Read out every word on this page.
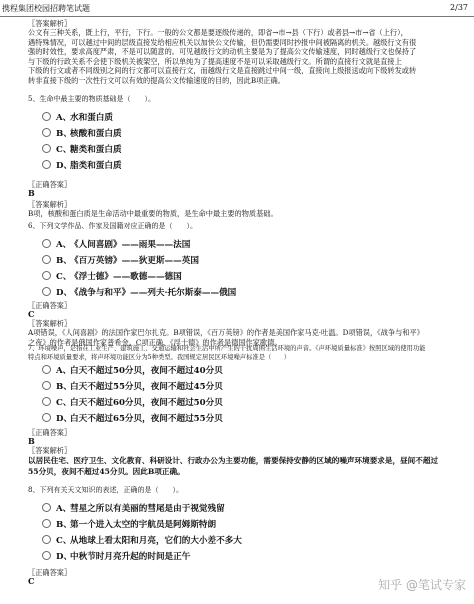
携程集团校园招聘笔试题	2/37
〖答案解析〗
公文有三种关系，既上行，平行，下行。一般的公文都是要逐级传递的，即省→市→县（下行）或者县→市→省（上行），
遇特殊情况，可以越过中间的层级直接发给相应机关以加快公文传输，但仍需要同时抄报中间被隔离的机关。越级行文有很
强的时效性，要求高度严肃，不是可以随意的。可见越级行文的动机主要是为了提高公文传输速度，同时越级行文也保持了
与下级的行政关系不会使下级机关被架空，所以单纯为了提高速度不是可以采取越级行文。所谓的直接行文就是直接上
下级的行文或者不同级别之间的行文都可以直接行文，而越级行文是直接跳过中间一级，直接向上级报送或向下级转发或转
转非直接下级的一次性行文可以有效的提高公文传输速度的目的，因此B项正确。
5、生命中最主要的物质基础是（　　）。
A、
水和蛋白质
B、
核酸和蛋白质
C、
糖类和蛋白质
D、
脂类和蛋白质
〖正确答案〗
B
〖答案解析〗
B项，核酸和蛋白质是生命活动中最重要的物质，是生命中最主要的物质基础。
6、下列文学作品、作家及国籍对应正确的是（　　）。
A、
《人间喜剧》——雨果——法国
B、
《百万英镑》——狄更斯——英国
C、
《浮士德》——歌德——德国
D、
《战争与和平》——列夫·托尔斯泰——俄国
〖正确答案〗
C
〖答案解析〗
A项错误，《人间喜剧》的法国作家巴尔扎克。B项错误，《百万英镑》的作者是美国作家马克·吐温。D项错误，《战争与和平》
之夜》的作者是俄国作家普希金。C项正确，《浮士德》的作者是德国作家歌德。
7、环境噪声，是指在工业生产、建筑施工、交通运输和社会生活中所产生的干扰周围生活环境的声音。《声环境质量标准》按照区域的使用功能
特点和环境质量要求，将声环境功能区分为5种类型。我国规定居民区环境噪声标准是（　　）
A、
白天不超过50分贝，夜间不超过40分贝
B、
白天不超过55分贝，夜间不超过45分贝
C、
白天不超过60分贝，夜间不超过50分贝
D、
白天不超过65分贝，夜间不超过55分贝
〖正确答案〗
B
〖答案解析〗
以居民住宅、医疗卫生、文化教育、科研设计、行政办公为主要功能，需要保持安静的区域的噪声环境要求是，昼间不超过
55分贝，夜间不超过45分贝。因此B项正确。
8、下列有关天文知识的表述，正确的是（　　）。
A、
彗星之所以有美丽的彗尾是由于视觉残留
B、
第一个进入太空的宇航员是阿姆斯特朗
C、
从地球上看太阳和月亮，它们的大小差不多大
D、
中秋节时月亮升起的时间是正午
〖正确答案〗
C	知乎 @笔试专家
